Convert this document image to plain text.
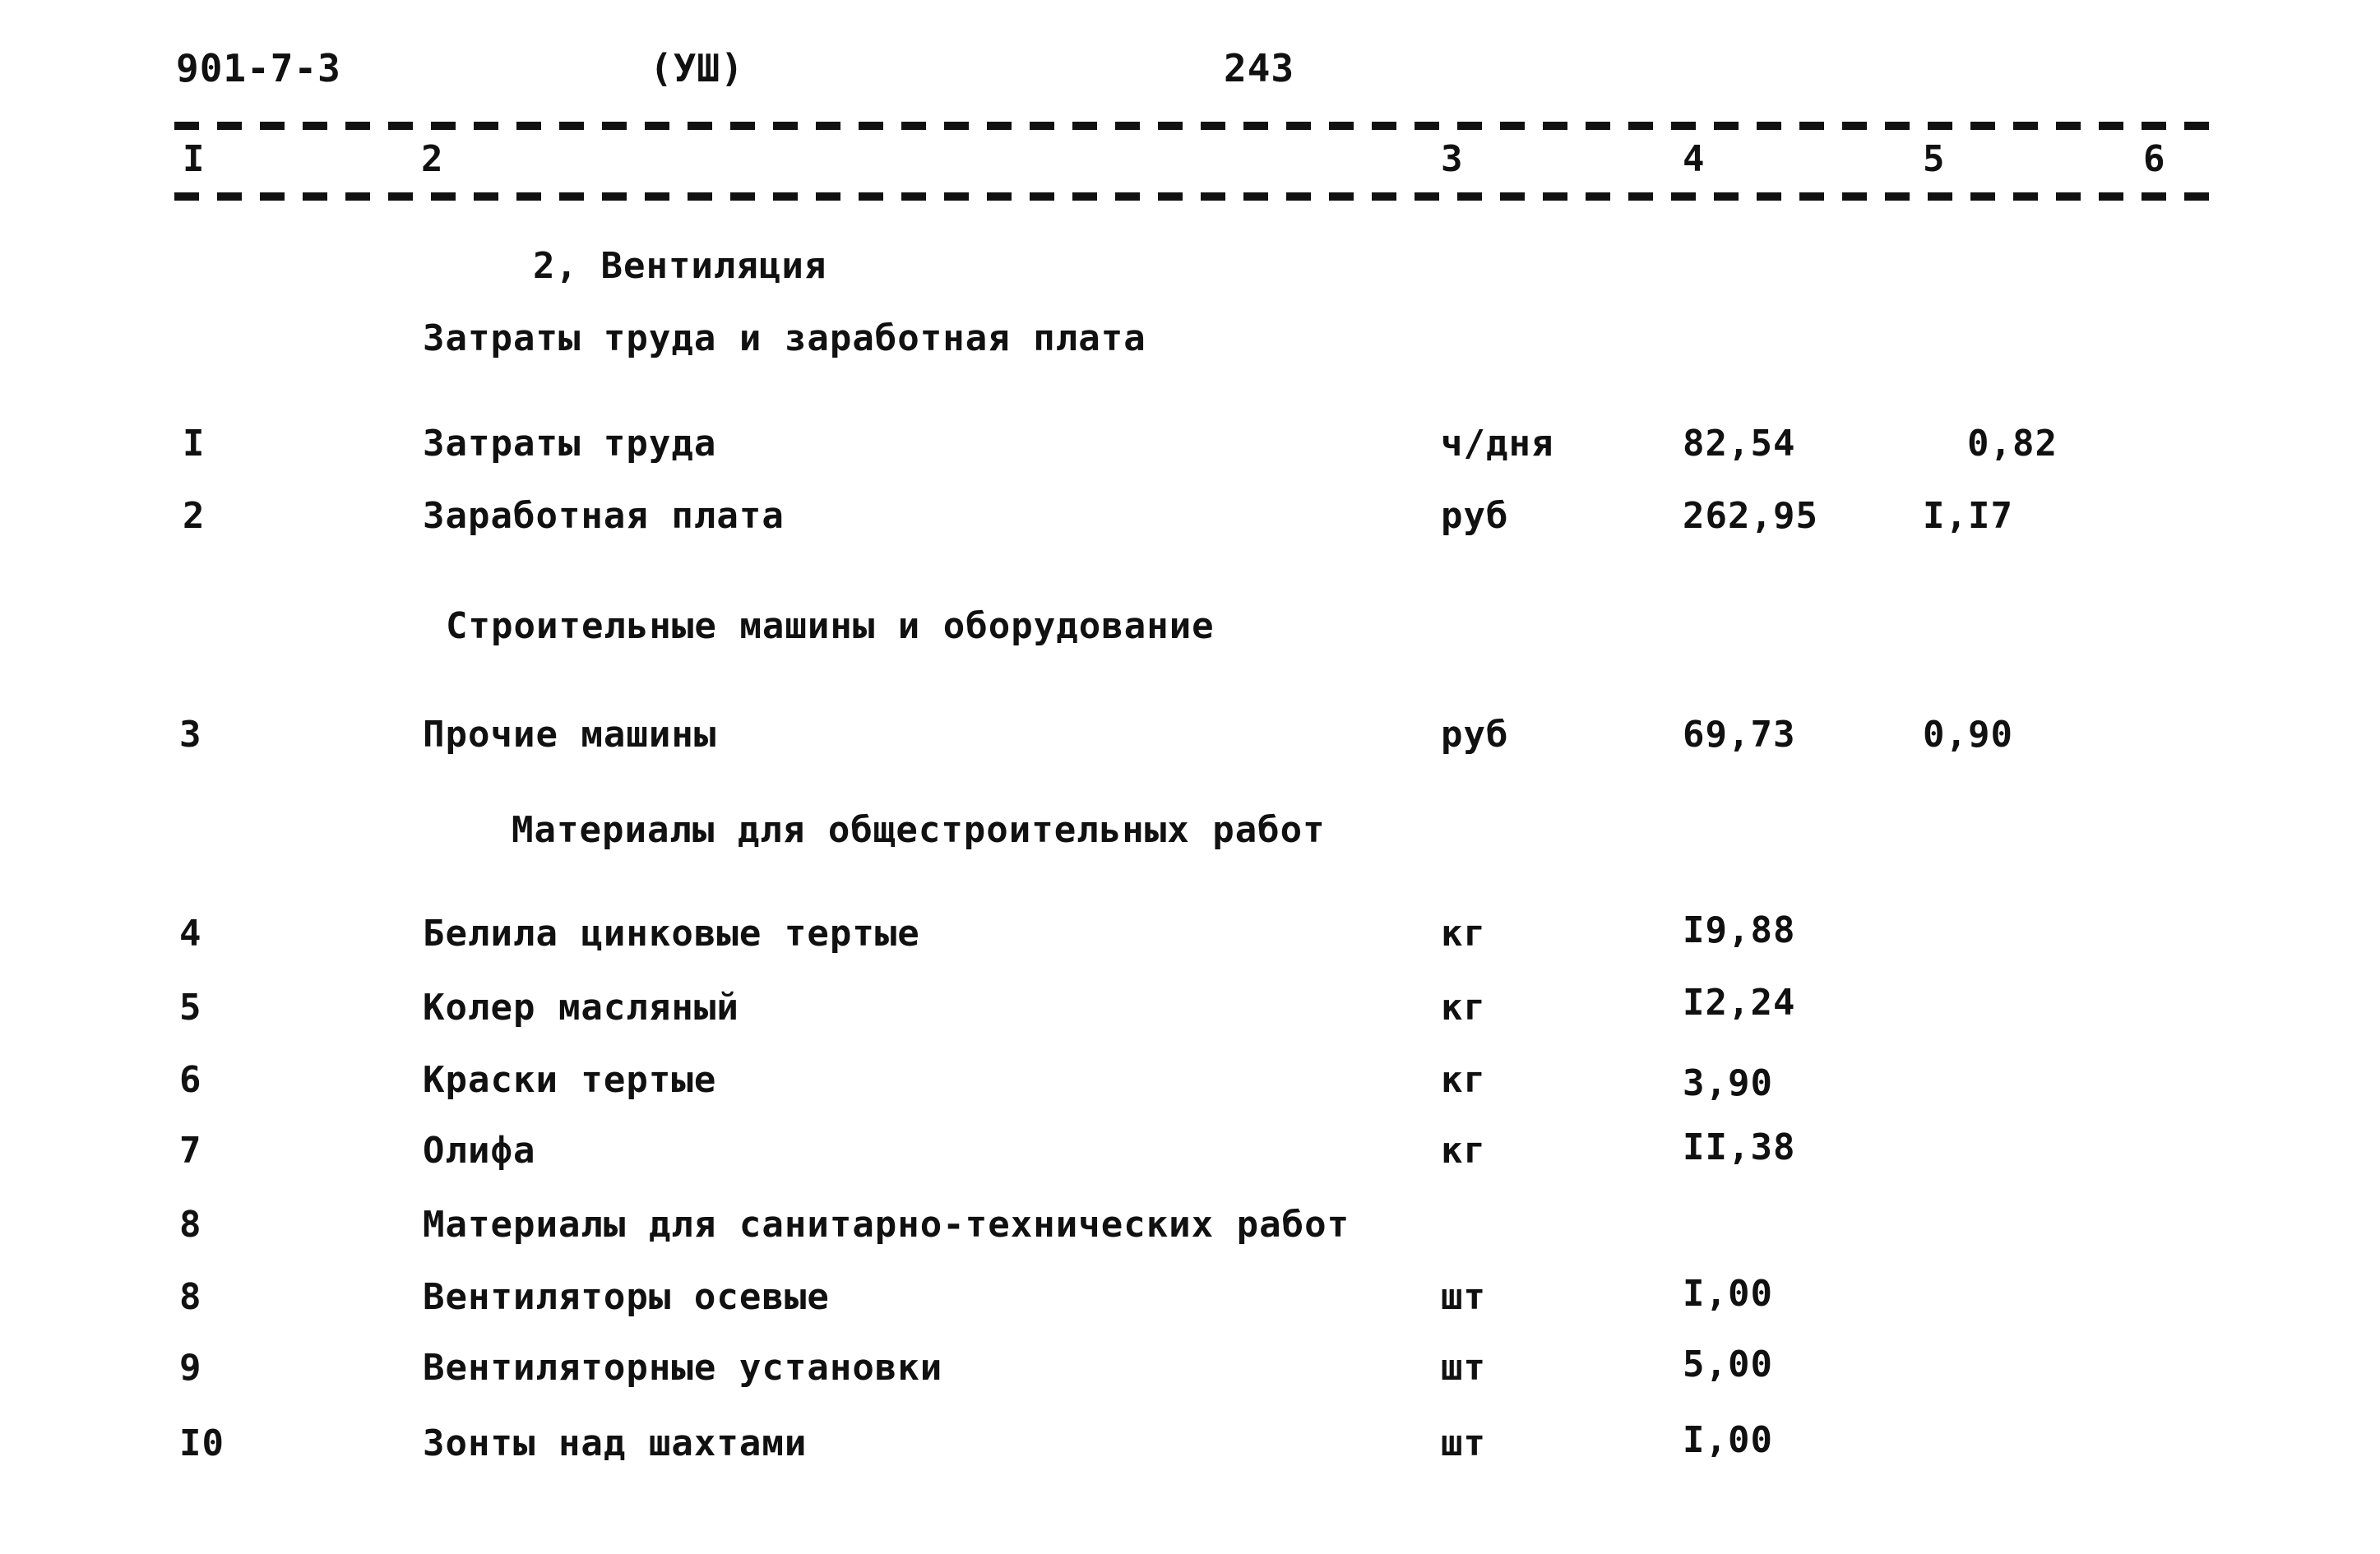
901-7-3	(УШ)	243
I	2	3	4	5	6
2, Вентиляция
Затраты труда и заработная плата
I	Затраты труда	ч/дня	82,54	0,82
2	Заработная плата	руб	262,95	I,I7
Строительные машины и оборудование
3	Прочие машины	руб	69,73	0,90
Материалы для общестроительных работ
4	Белила цинковые тертые	кг	I9,88
5	Колер масляный	кг	I2,24
6	Краски тертые	кг	3,90
7	Олифа	кг	II,38
8	Материалы для санитарно-технических работ
8	Вентиляторы осевые	шт	I,00
9	Вентиляторные установки	шт	5,00
I0	Зонты над шахтами	шт	I,00
